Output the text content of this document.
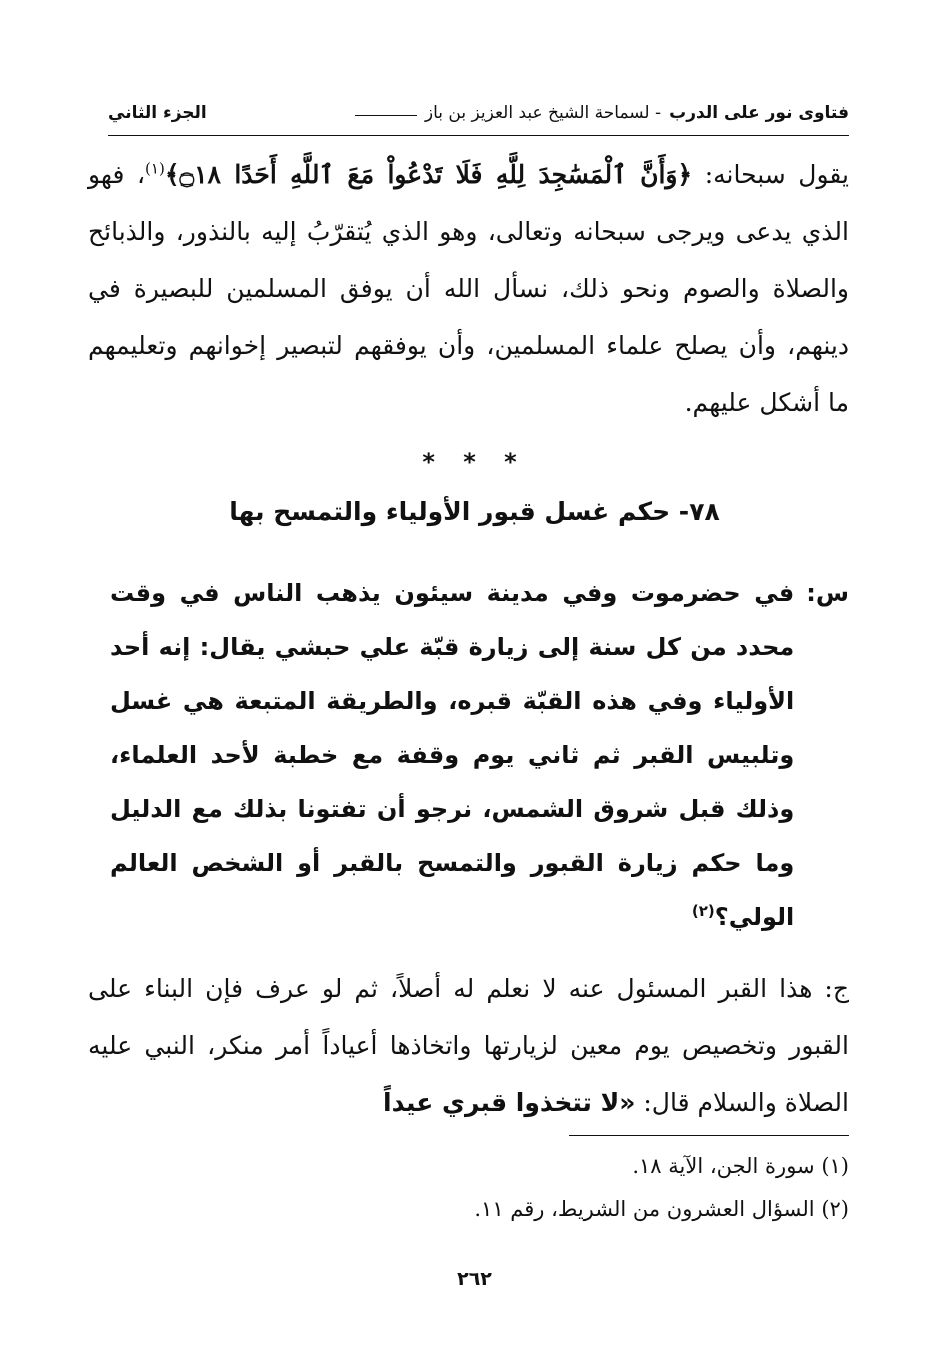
فتاوى نور على الدرب
- لسماحة الشيخ عبد العزيز بن باز
الجزء الثاني
يقول سبحانه: ﴿وَأَنَّ ٱلْمَسَٰجِدَ لِلَّهِ فَلَا تَدْعُواْ مَعَ ٱللَّهِ أَحَدًا ۝١٨﴾$^{(١)}$، فهو الذي يدعى ويرجى سبحانه وتعالى، وهو الذي يُتقرّبُ إليه بالنذور، والذبائح والصلاة والصوم ونحو ذلك، نسأل الله أن يوفق المسلمين للبصيرة في دينهم، وأن يصلح علماء المسلمين، وأن يوفقهم لتبصير إخوانهم وتعليمهم ما أشكل عليهم.
* * *
٧٨- حكم غسل قبور الأولياء والتمسح بها
س:
في حضرموت وفي مدينة سيئون يذهب الناس في وقت محدد من كل سنة إلى زيارة قبّة علي حبشي يقال: إنه أحد الأولياء وفي هذه القبّة قبره، والطريقة المتبعة هي غسل وتلبيس القبر ثم ثاني يوم وقفة مع خطبة لأحد العلماء، وذلك قبل شروق الشمس، نرجو أن تفتونا بذلك مع الدليل وما حكم زيارة القبور والتمسح بالقبر أو الشخص العالم الولي؟$^{(٢)}$
ج: هذا القبر المسئول عنه لا نعلم له أصلاً، ثم لو عرف فإن البناء على القبور وتخصيص يوم معين لزيارتها واتخاذها أعياداً أمر منكر، النبي عليه الصلاة والسلام قال: «لا تتخذوا قبري عيداً
(١) سورة الجن، الآية ١٨.
(٢) السؤال العشرون من الشريط، رقم ١١.
٢٦٢
